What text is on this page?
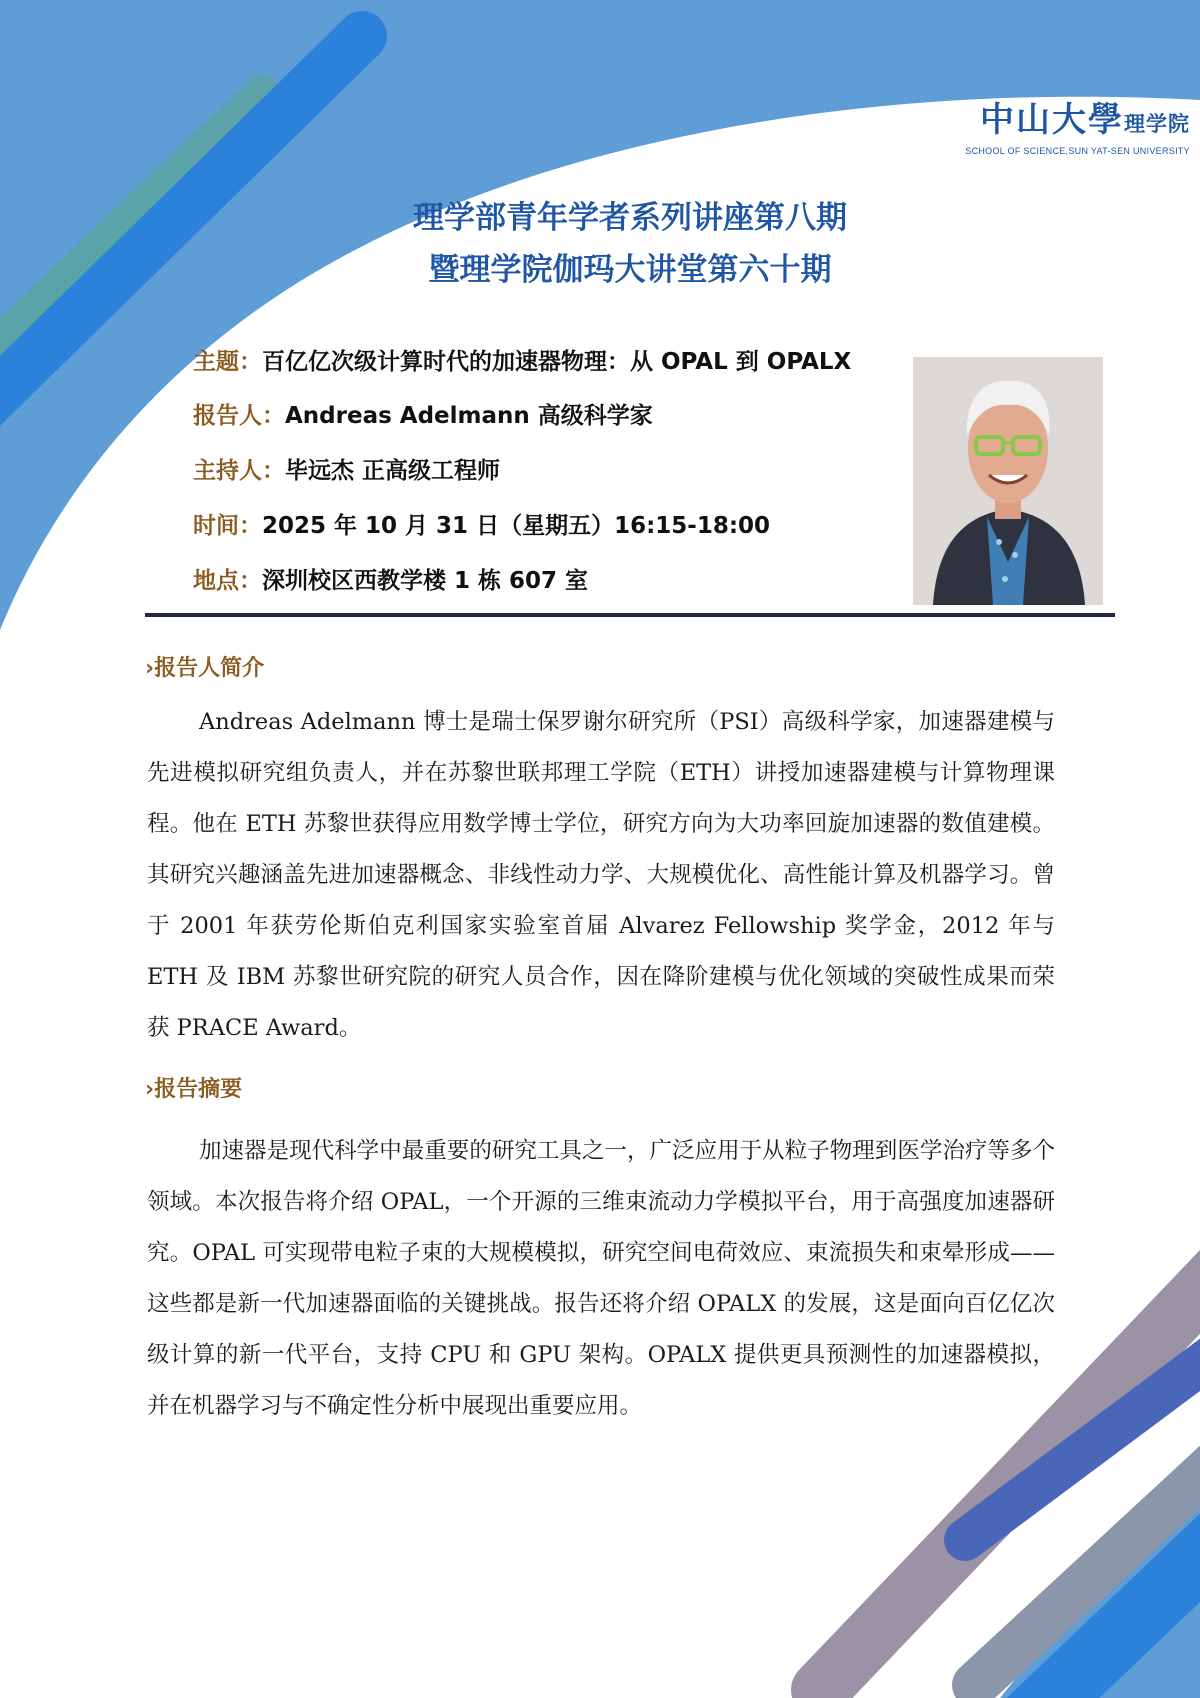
中山大學理学院
SCHOOL OF SCIENCE,SUN YAT-SEN UNIVERSITY
理学部青年学者系列讲座第八期
暨理学院伽玛大讲堂第六十期
主题：百亿亿次级计算时代的加速器物理：从 OPAL 到 OPALX
报告人：Andreas Adelmann 高级科学家
主持人：毕远杰 正高级工程师
时间：2025 年 10 月 31 日（星期五）16:15-18:00
地点：深圳校区西教学楼 1 栋 607 室
›报告人简介
Andreas Adelmann 博士是瑞士保罗谢尔研究所（PSI）高级科学家，加速器建模与先进模拟研究组负责人，并在苏黎世联邦理工学院（ETH）讲授加速器建模与计算物理课程。他在 ETH 苏黎世获得应用数学博士学位，研究方向为大功率回旋加速器的数值建模。其研究兴趣涵盖先进加速器概念、非线性动力学、大规模优化、高性能计算及机器学习。曾于 2001 年获劳伦斯伯克利国家实验室首届 Alvarez Fellowship 奖学金，2012 年与 ETH 及 IBM 苏黎世研究院的研究人员合作，因在降阶建模与优化领域的突破性成果而荣获 PRACE Award。
›报告摘要
加速器是现代科学中最重要的研究工具之一，广泛应用于从粒子物理到医学治疗等多个领域。本次报告将介绍 OPAL，一个开源的三维束流动力学模拟平台，用于高强度加速器研究。OPAL 可实现带电粒子束的大规模模拟，研究空间电荷效应、束流损失和束晕形成——这些都是新一代加速器面临的关键挑战。报告还将介绍 OPALX 的发展，这是面向百亿亿次级计算的新一代平台，支持 CPU 和 GPU 架构。OPALX 提供更具预测性的加速器模拟，并在机器学习与不确定性分析中展现出重要应用。
